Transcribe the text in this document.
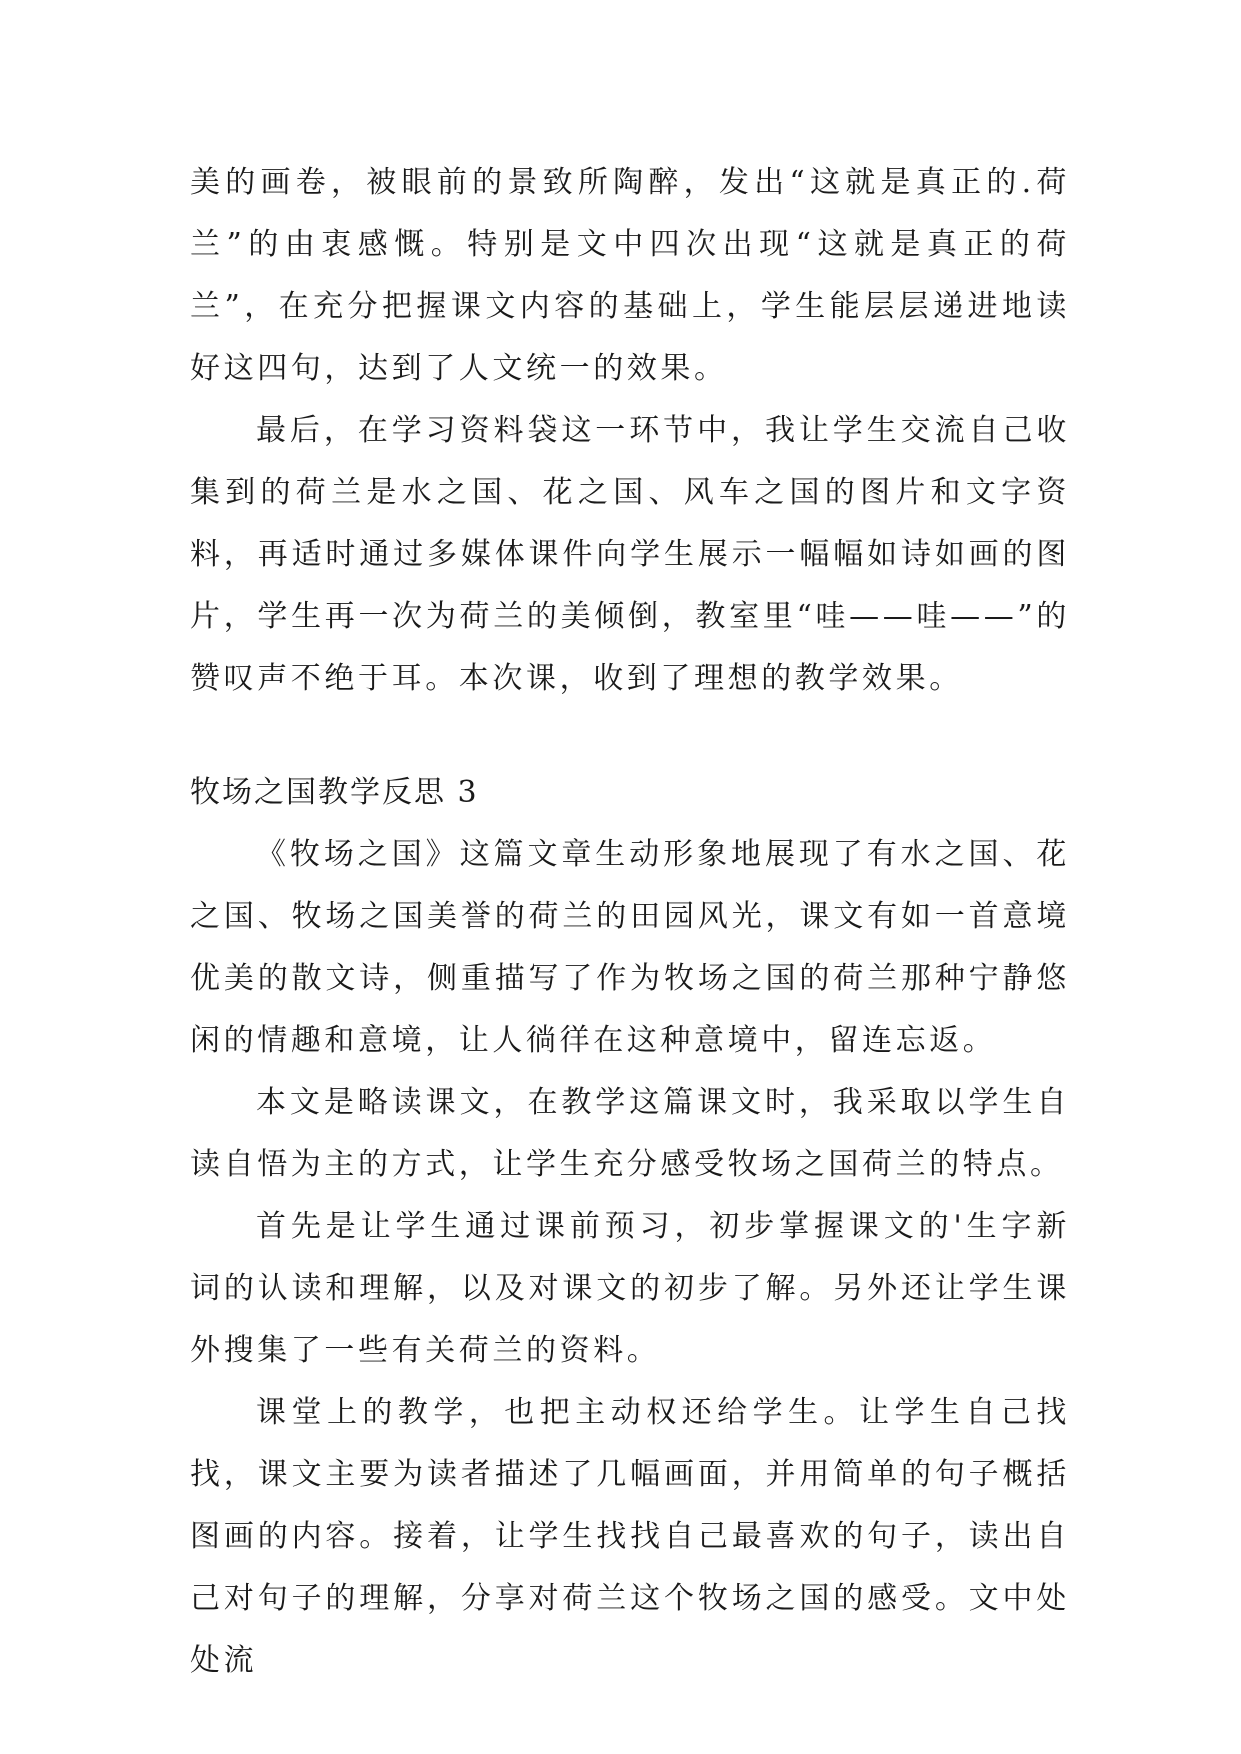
美的画卷，被眼前的景致所陶醉，发出“这就是真正的.荷兰”的由衷感慨。特别是文中四次出现“这就是真正的荷兰”，在充分把握课文内容的基础上，学生能层层递进地读好这四句，达到了人文统一的效果。

最后，在学习资料袋这一环节中，我让学生交流自己收集到的荷兰是水之国、花之国、风车之国的图片和文字资料，再适时通过多媒体课件向学生展示一幅幅如诗如画的图片，学生再一次为荷兰的美倾倒，教室里“哇——哇——”的赞叹声不绝于耳。本次课，收到了理想的教学效果。

牧场之国教学反思 3

《牧场之国》这篇文章生动形象地展现了有水之国、花之国、牧场之国美誉的荷兰的田园风光，课文有如一首意境优美的散文诗，侧重描写了作为牧场之国的荷兰那种宁静悠闲的情趣和意境，让人徜徉在这种意境中，留连忘返。

本文是略读课文，在教学这篇课文时，我采取以学生自读自悟为主的方式，让学生充分感受牧场之国荷兰的特点。

首先是让学生通过课前预习，初步掌握课文的'生字新词的认读和理解，以及对课文的初步了解。另外还让学生课外搜集了一些有关荷兰的资料。

课堂上的教学，也把主动权还给学生。让学生自己找找，课文主要为读者描述了几幅画面，并用简单的句子概括图画的内容。接着，让学生找找自己最喜欢的句子，读出自己对句子的理解，分享对荷兰这个牧场之国的感受。文中处处流
